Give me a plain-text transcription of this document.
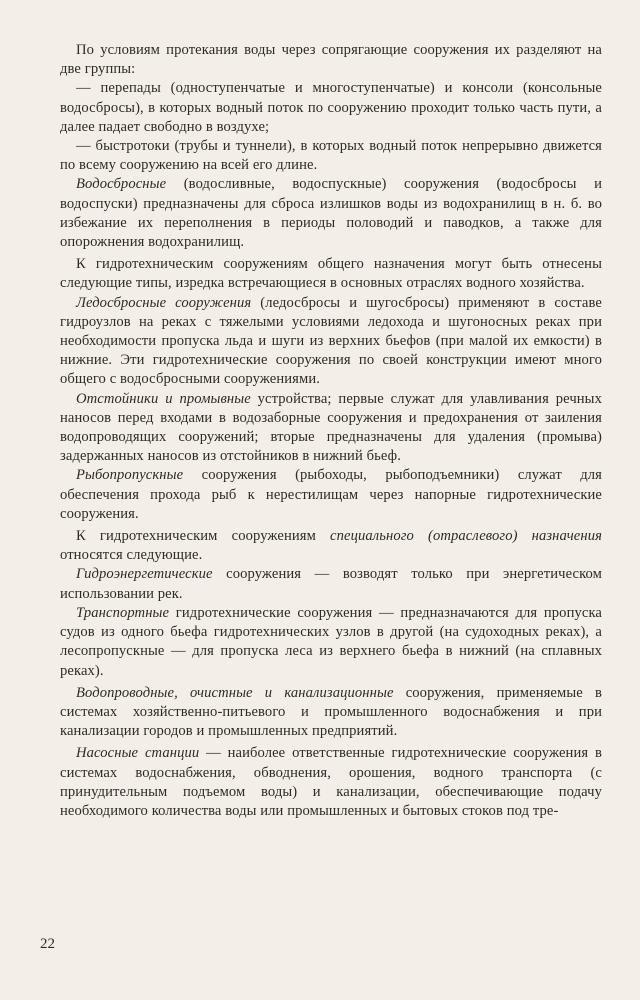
По условиям протекания воды через сопрягающие сооружения их разделяют на две группы:

— перепады (одноступенчатые и многоступенчатые) и консоли (консольные водосбросы), в которых водный поток по сооружению проходит только часть пути, а далее падает свободно в воздухе;

— быстротоки (трубы и туннели), в которых водный поток непрерывно движется по всему сооружению на всей его длине.

Водосбросные (водосливные, водоспускные) сооружения (водосбросы и водоспуски) предназначены для сброса излишков воды из водохранилищ в н. б. во избежание их переполнения в периоды половодий и паводков, а также для опорожнения водохранилищ.

К гидротехническим сооружениям общего назначения могут быть отнесены следующие типы, изредка встречающиеся в основных отраслях водного хозяйства.

Ледосбросные сооружения (ледосбросы и шугосбросы) применяют в составе гидроузлов на реках с тяжелыми условиями ледохода и шугоносных реках при необходимости пропуска льда и шуги из верхних бьефов (при малой их емкости) в нижние. Эти гидротехнические сооружения по своей конструкции имеют много общего с водосбросными сооружениями.

Отстойники и промывные устройства; первые служат для улавливания речных наносов перед входами в водозаборные сооружения и предохранения от заиления водопроводящих сооружений; вторые предназначены для удаления (промыва) задержанных наносов из отстойников в нижний бьеф.

Рыбопропускные сооружения (рыбоходы, рыбоподъемники) служат для обеспечения прохода рыб к нерестилищам через напорные гидротехнические сооружения.

К гидротехническим сооружениям специального (отраслевого) назначения относятся следующие.

Гидроэнергетические сооружения — возводят только при энергетическом использовании рек.

Транспортные гидротехнические сооружения — предназначаются для пропуска судов из одного бьефа гидротехнических узлов в другой (на судоходных реках), а лесопропускные — для пропуска леса из верхнего бьефа в нижний (на сплавных реках).

Водопроводные, очистные и канализационные сооружения, применяемые в системах хозяйственно-питьевого и промышленного водоснабжения и при канализации городов и промышленных предприятий.

Насосные станции — наиболее ответственные гидротехнические сооружения в системах водоснабжения, обводнения, орошения, водного транспорта (с принудительным подъемом воды) и канализации, обеспечивающие подачу необходимого количества воды или промышленных и бытовых стоков под тре-

22
